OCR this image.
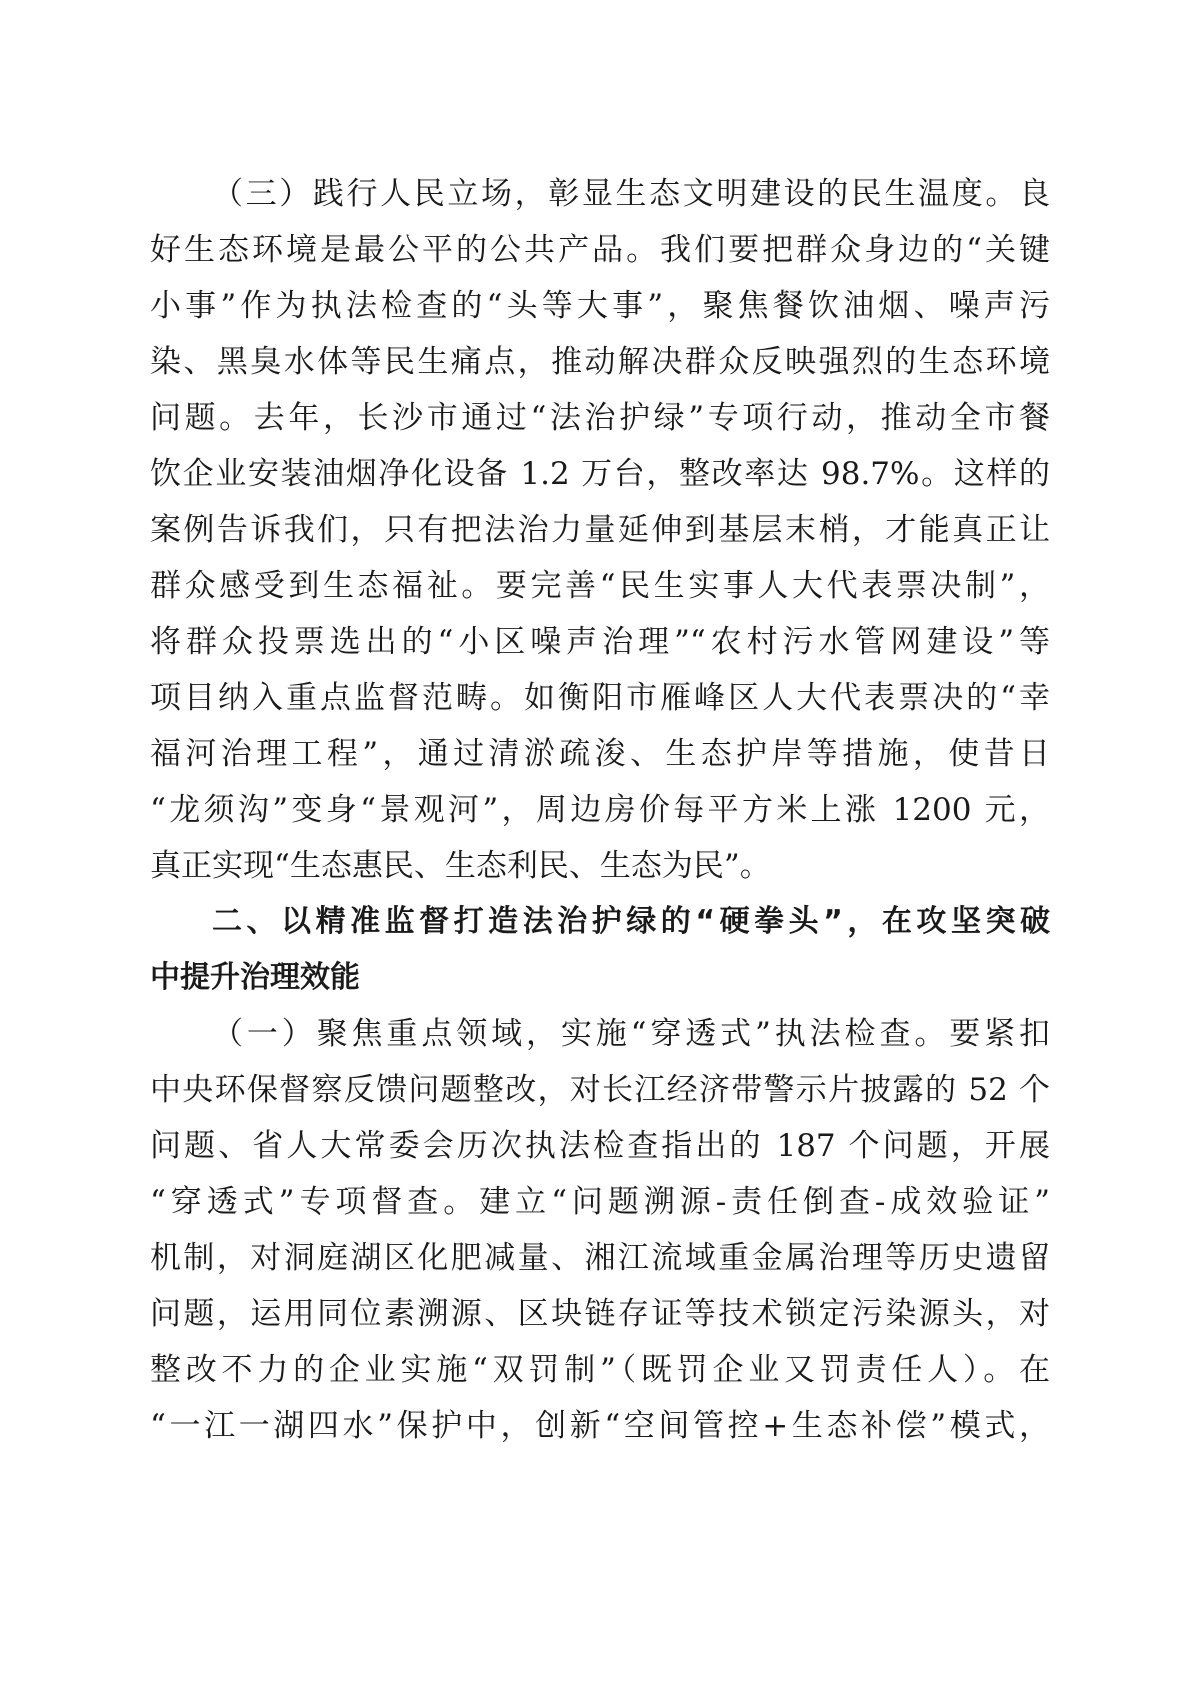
（三）践行人民立场，彰显生态文明建设的民生温度。良
好生态环境是最公平的公共产品。我们要把群众身边的“关键
小事”作为执法检查的“头等大事”，聚焦餐饮油烟、噪声污
染、黑臭水体等民生痛点，推动解决群众反映强烈的生态环境
问题。去年，长沙市通过“法治护绿”专项行动，推动全市餐
饮企业安装油烟净化设备 1.2 万台，整改率达 98.7%。这样的
案例告诉我们，只有把法治力量延伸到基层末梢，才能真正让
群众感受到生态福祉。要完善“民生实事人大代表票决制”，
将群众投票选出的“小区噪声治理”“农村污水管网建设”等
项目纳入重点监督范畴。如衡阳市雁峰区人大代表票决的“幸
福河治理工程”，通过清淤疏浚、生态护岸等措施，使昔日
“龙须沟”变身“景观河”，周边房价每平方米上涨 1200 元，
真正实现“生态惠民、生态利民、生态为民”。
二、以精准监督打造法治护绿的“硬拳头”，在攻坚突破
中提升治理效能
（一）聚焦重点领域，实施“穿透式”执法检查。要紧扣
中央环保督察反馈问题整改，对长江经济带警示片披露的 52 个
问题、省人大常委会历次执法检查指出的 187 个问题，开展
“穿透式”专项督查。建立“问题溯源-责任倒查-成效验证”
机制，对洞庭湖区化肥减量、湘江流域重金属治理等历史遗留
问题，运用同位素溯源、区块链存证等技术锁定污染源头，对
整改不力的企业实施“双罚制”（既罚企业又罚责任人）。在
“一江一湖四水”保护中，创新“空间管控+生态补偿”模式，
